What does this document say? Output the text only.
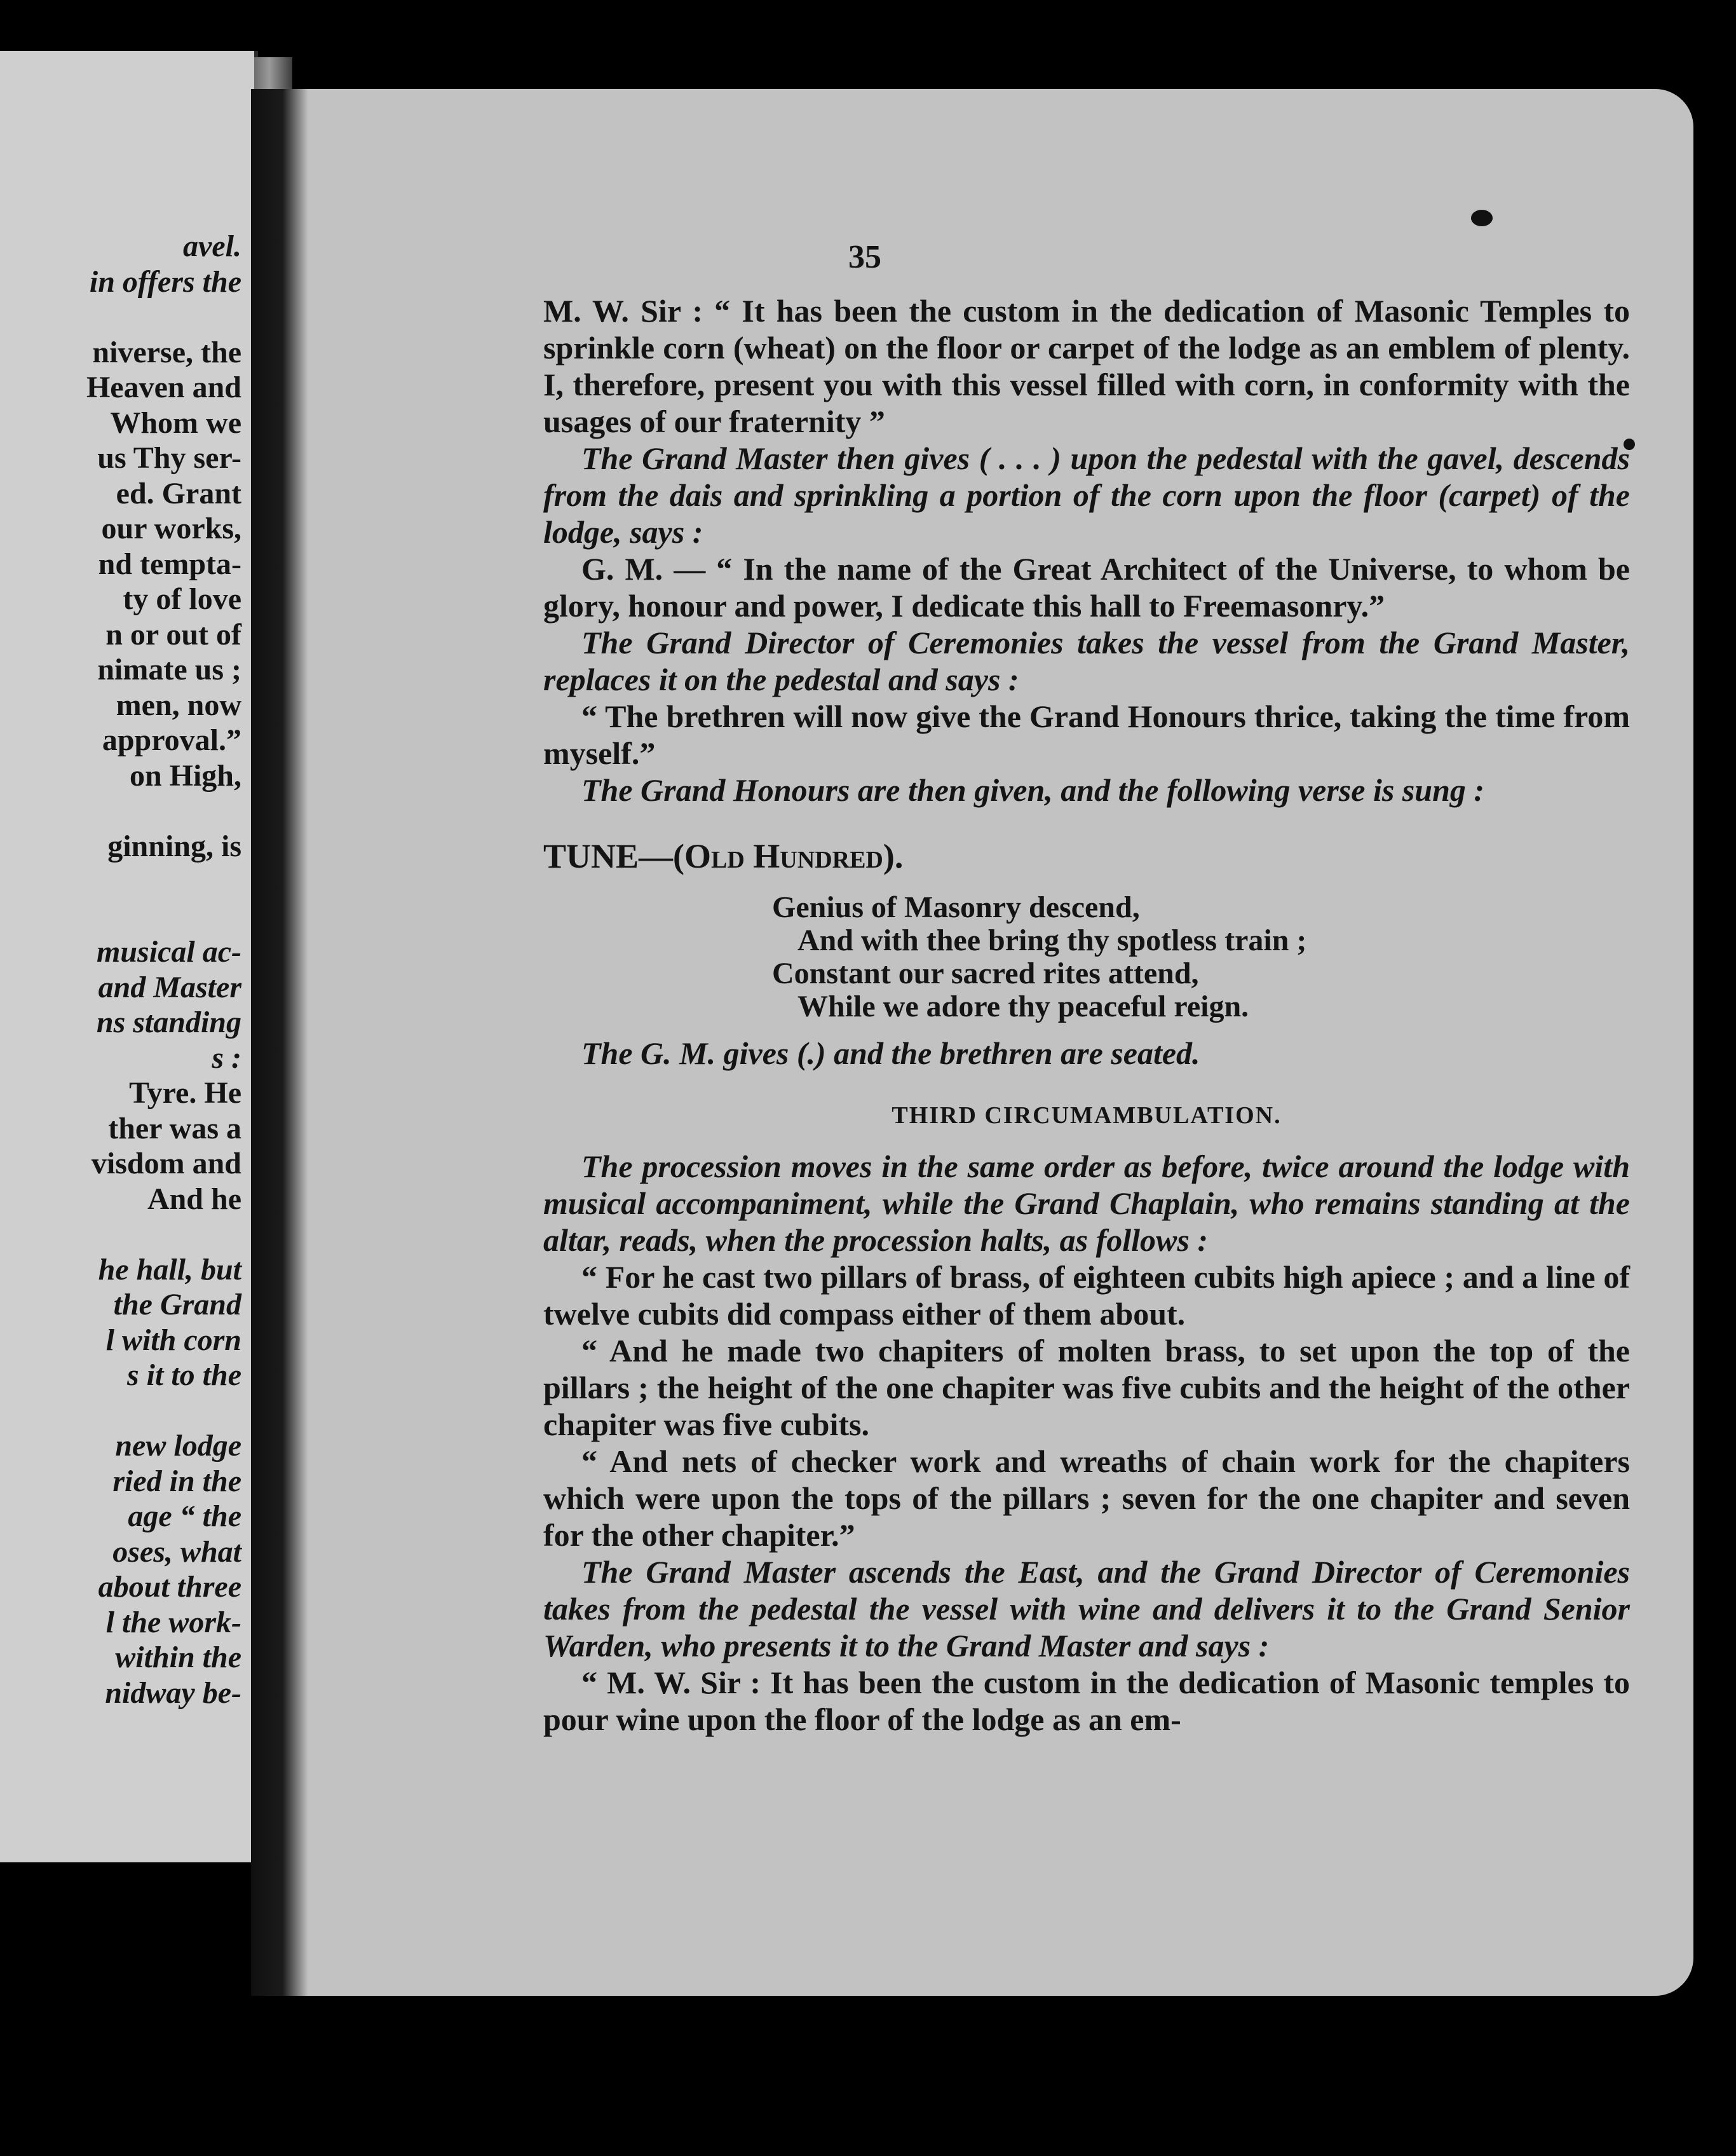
avel.
in offers the
niverse, the
Heaven and
Whom we
us Thy ser-
ed. Grant
our works,
nd tempta-
ty of love
n or out of
nimate us ;
men, now
approval.”
on High,
ginning, is
musical ac-
and Master
ns standing
s :
Tyre. He
ther was a
visdom and
And he
he hall, but
the Grand
l with corn
s it to the
new lodge
ried in the
age “ the
oses, what
about three
l the work-
within the
nidway be-
35

M. W. Sir : “ It has been the custom in the dedication of Masonic Temples to sprinkle corn (wheat) on the floor or carpet of the lodge as an emblem of plenty. I, therefore, present you with this vessel filled with corn, in conformity with the usages of our fraternity ”

The Grand Master then gives ( . . . ) upon the pedestal with the gavel, descends from the dais and sprinkling a portion of the corn upon the floor (carpet) of the lodge, says :

G. M. — “ In the name of the Great Architect of the Universe, to whom be glory, honour and power, I dedicate this hall to Freemasonry.”

The Grand Director of Ceremonies takes the vessel from the Grand Master, replaces it on the pedestal and says :

“ The brethren will now give the Grand Honours thrice, taking the time from myself.”

The Grand Honours are then given, and the following verse is sung :

TUNE—(Old Hundred).

Genius of Masonry descend,
And with thee bring thy spotless train ;
Constant our sacred rites attend,
While we adore thy peaceful reign.

The G. M. gives (.) and the brethren are seated.

THIRD CIRCUMAMBULATION.

The procession moves in the same order as before, twice around the lodge with musical accompaniment, while the Grand Chaplain, who remains standing at the altar, reads, when the procession halts, as follows :

“ For he cast two pillars of brass, of eighteen cubits high apiece ; and a line of twelve cubits did compass either of them about.

“ And he made two chapiters of molten brass, to set upon the top of the pillars ; the height of the one chapiter was five cubits and the height of the other chapiter was five cubits.

“ And nets of checker work and wreaths of chain work for the chapiters which were upon the tops of the pillars ; seven for the one chapiter and seven for the other chapiter.”

The Grand Master ascends the East, and the Grand Director of Ceremonies takes from the pedestal the vessel with wine and delivers it to the Grand Senior Warden, who presents it to the Grand Master and says :

“ M. W. Sir : It has been the custom in the dedication of Masonic temples to pour wine upon the floor of the lodge as an em-
